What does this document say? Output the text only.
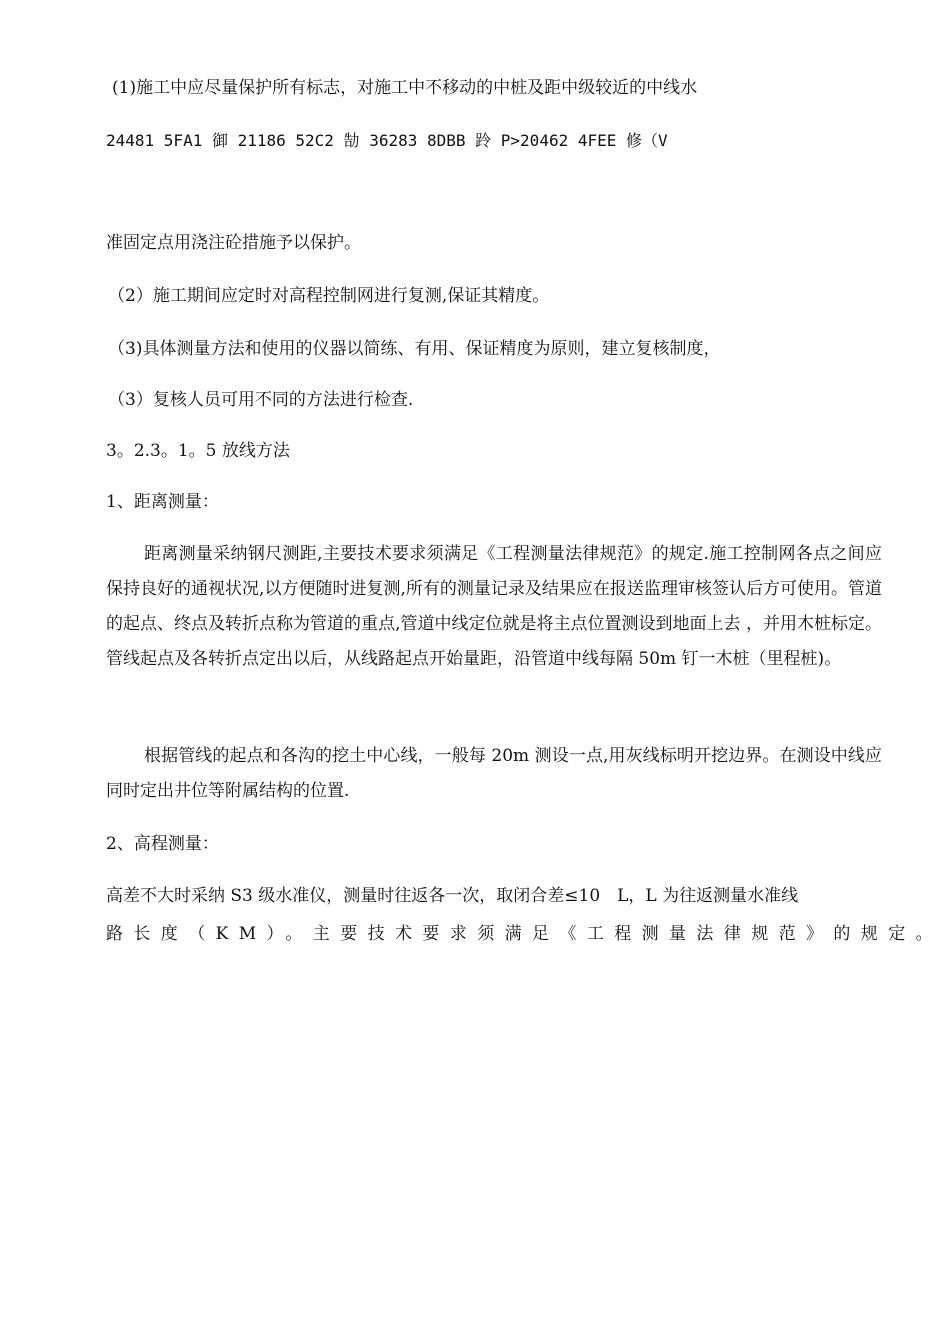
(1)施工中应尽量保护所有标志，对施工中不移动的中桩及距中级较近的中线水
24481 5FA1 御 21186 52C2 勂 36283 8DBB 跉 P>20462 4FEE 修（V
准固定点用浇注砼措施予以保护。
（2）施工期间应定时对高程控制网进行复测,保证其精度。
（3)具体测量方法和使用的仪器以简练、有用、保证精度为原则，建立复核制度，
（3）复核人员可用不同的方法进行检查.
3。2.3。1。5 放线方法
1、距离测量：
距离测量采纳钢尺测距,主要技术要求须满足《工程测量法律规范》的规定.施工控制网各点之间应保持良好的通视状况,以方便随时进复测,所有的测量记录及结果应在报送监理审核签认后方可使用。管道的起点、终点及转折点称为管道的重点,管道中线定位就是将主点位置测设到地面上去 ，并用木桩标定。管线起点及各转折点定出以后，从线路起点开始量距，沿管道中线每隔 50m 钉一木桩（里程桩)。
根据管线的起点和各沟的挖土中心线，一般每 20m 测设一点,用灰线标明开挖边界。在测设中线应同时定出井位等附属结构的位置.
2、高程测量：
高差不大时采纳 S3 级水准仪，测量时往返各一次，取闭合差≤10　L，L 为往返测量水准线
路长度（KM）。主要技术要求须满足《工程测量法律规范》的规定。
